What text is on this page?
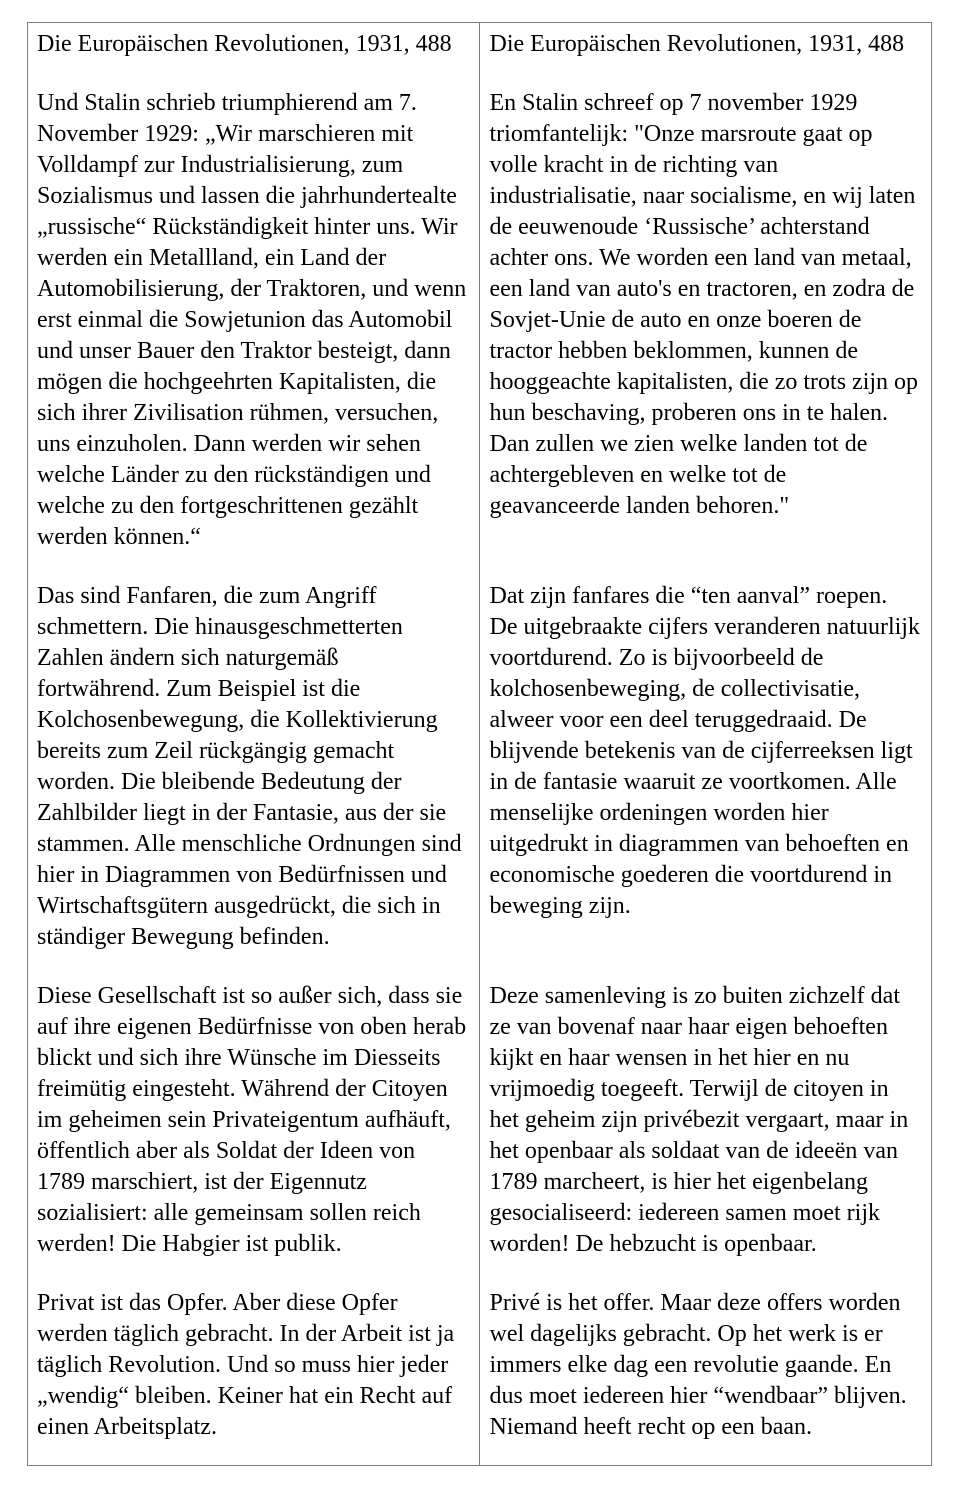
Die Europäischen Revolutionen, 1931, 488	Die Europäischen Revolutionen, 1931, 488
Und Stalin schrieb triumphierend am 7. November 1929: „Wir marschieren mit Volldampf zur Industrialisierung, zum Sozialismus und lassen die jahrhundertealte „russische“ Rückständigkeit hinter uns. Wir werden ein Metallland, ein Land der Automobilisierung, der Traktoren, und wenn erst einmal die Sowjetunion das Automobil und unser Bauer den Traktor besteigt, dann mögen die hochgeehrten Kapitalisten, die sich ihrer Zivilisation rühmen, versuchen, uns einzuholen. Dann werden wir sehen welche Länder zu den rückständigen und welche zu den fortgeschrittenen gezählt werden können.“
En Stalin schreef op 7 november 1929 triomfantelijk: "Onze marsroute gaat op volle kracht in de richting van industrialisatie, naar socialisme, en wij laten de eeuwenoude ‘Russische’ achterstand achter ons. We worden een land van metaal, een land van auto's en tractoren, en zodra de Sovjet-Unie de auto en onze boeren de tractor hebben beklommen, kunnen de hooggeachte kapitalisten, die zo trots zijn op hun beschaving, proberen ons in te halen. Dan zullen we zien welke landen tot de achtergebleven en welke tot de geavanceerde landen behoren."
Das sind Fanfaren, die zum Angriff schmettern. Die hinausgeschmetterten Zahlen ändern sich naturgemäß fortwährend. Zum Beispiel ist die Kolchosenbewegung, die Kollektivierung bereits zum Zeil rückgängig gemacht worden. Die bleibende Bedeutung der Zahlbilder liegt in der Fantasie, aus der sie stammen. Alle menschliche Ordnungen sind hier in Diagrammen von Bedürfnissen und Wirtschaftsgütern ausgedrückt, die sich in ständiger Bewegung befinden.
Dat zijn fanfares die “ten aanval” roepen. De uitgebraakte cijfers veranderen natuurlijk voortdurend. Zo is bijvoorbeeld de kolchosenbeweging, de collectivisatie, alweer voor een deel teruggedraaid. De blijvende betekenis van de cijferreeksen ligt in de fantasie waaruit ze voortkomen. Alle menselijke ordeningen worden hier uitgedrukt in diagrammen van behoeften en economische goederen die voortdurend in beweging zijn.
Diese Gesellschaft ist so außer sich, dass sie auf ihre eigenen Bedürfnisse von oben herab blickt und sich ihre Wünsche im Diesseits freimütig eingesteht. Während der Citoyen im geheimen sein Privateigentum aufhäuft, öffentlich aber als Soldat der Ideen von 1789 marschiert, ist der Eigennutz sozialisiert: alle gemeinsam sollen reich werden! Die Habgier ist publik.
Deze samenleving is zo buiten zichzelf dat ze van bovenaf naar haar eigen behoeften kijkt en haar wensen in het hier en nu vrijmoedig toegeeft. Terwijl de citoyen in het geheim zijn privébezit vergaart, maar in het openbaar als soldaat van de ideeën van 1789 marcheert, is hier het eigenbelang gesocialiseerd: iedereen samen moet rijk worden! De hebzucht is openbaar.
Privat ist das Opfer. Aber diese Opfer werden täglich gebracht. In der Arbeit ist ja täglich Revolution. Und so muss hier jeder „wendig“ bleiben. Keiner hat ein Recht auf einen Arbeitsplatz.
Privé is het offer. Maar deze offers worden wel dagelijks gebracht. Op het werk is er immers elke dag een revolutie gaande. En dus moet iedereen hier “wendbaar” blijven. Niemand heeft recht op een baan.
